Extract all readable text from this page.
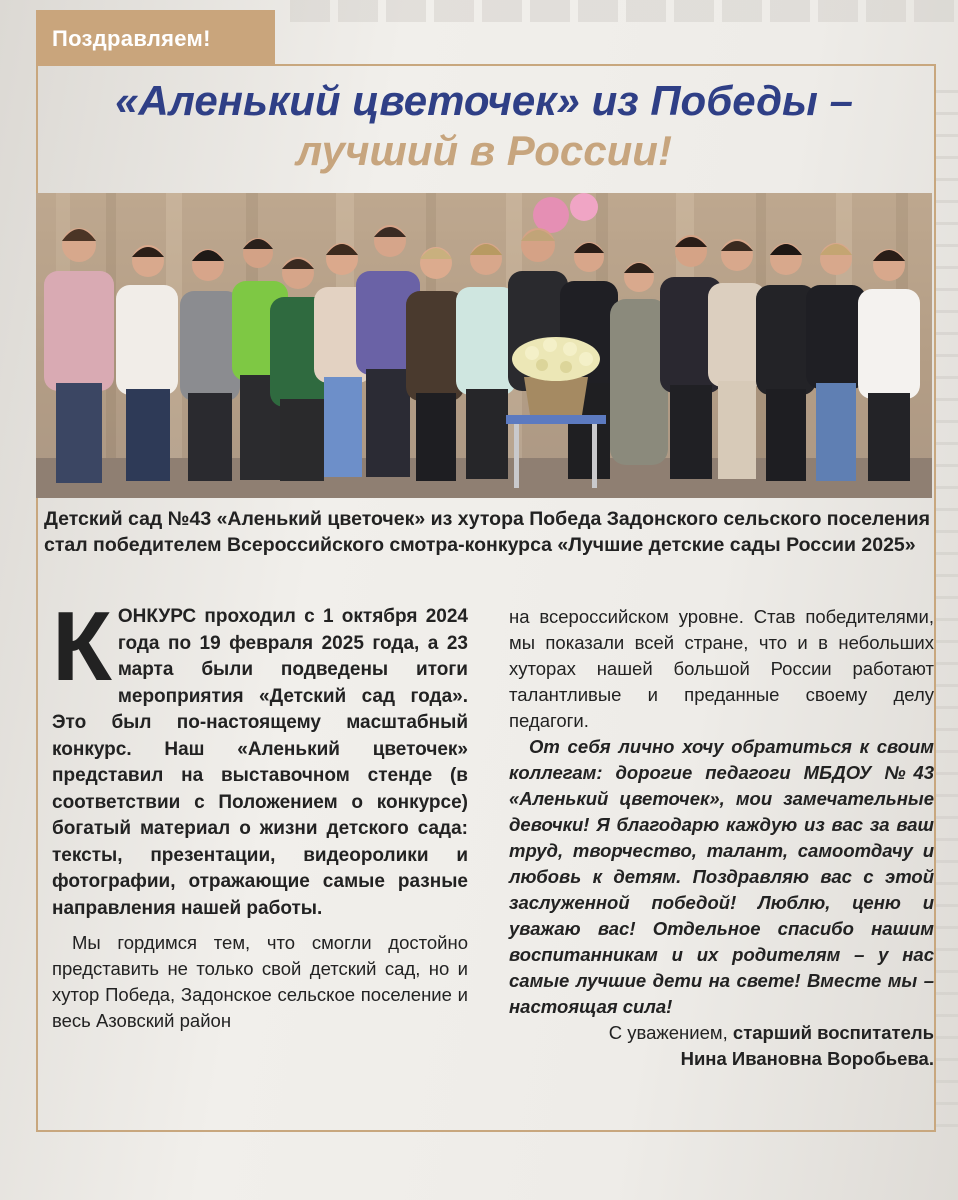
Поздравляем!
«Аленький цветочек» из Победы –
лучший в России!
Детский сад №43 «Аленький цветочек» из хутора Победа Задонского сельского поселения стал победителем Всероссийского смотра-конкурса «Лучшие детские сады России 2025»

КОНКУРС проходил с 1 октября 2024 года по 19 февраля 2025 года, а 23 марта были подведены итоги мероприятия «Детский сад года». Это был по-настоящему масштабный конкурс. Наш «Аленький цветочек» представил на выставочном стенде (в соответствии с Положением о конкурсе) богатый материал о жизни детского сада: тексты, презентации, видеоролики и фотографии, отражающие самые разные направления нашей работы.

Мы гордимся тем, что смогли достойно представить не только свой детский сад, но и хутор Победа, Задонское сельское поселение и весь Азовский район

на всероссийском уровне. Став победителями, мы показали всей стране, что и в небольших хуторах нашей большой России работают талантливые и преданные своему делу педагоги.

От себя лично хочу обратиться к своим коллегам: дорогие педагоги МБДОУ №43 «Аленький цветочек», мои замечательные девочки! Я благодарю каждую из вас за ваш труд, творчество, талант, самоотдачу и любовь к детям. Поздравляю вас с этой заслуженной победой! Люблю, ценю и уважаю вас! Отдельное спасибо нашим воспитанникам и их родителям – у нас самые лучшие дети на свете! Вместе мы – настоящая сила!

С уважением, старший воспитатель
Нина Ивановна Воробьева.
